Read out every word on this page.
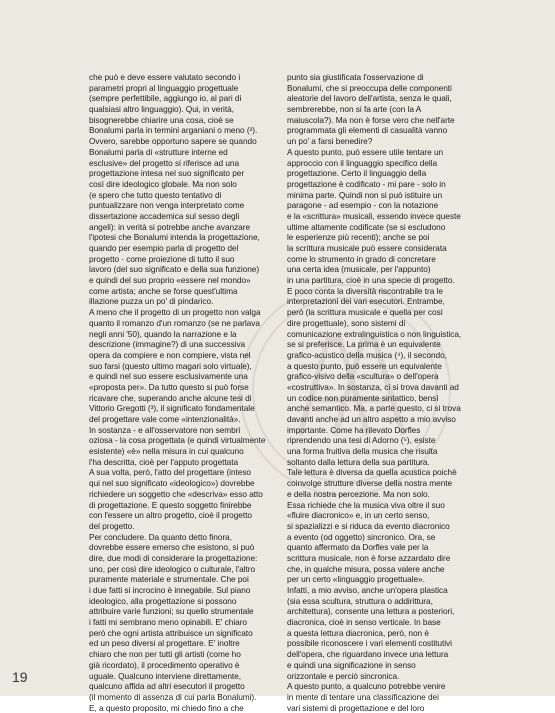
che può e deve essere valutato secondo i
parametri propri al linguaggio progettuale
(sempre perfettibile, aggiungo io, al pari di
qualsiasi altro linguaggio). Qui, in verità,
bisognerebbe chiarire una cosa, cioè se
Bonalumi parla in termini arganiani o meno (²).
Ovvero, sarebbe opportuno sapere se quando
Bonalumi parla di «strutture interne ed
esclusive» del progetto si riferisce ad una
progettazione intesa nel suo significato per
così dire ideologico globale. Ma non solo
(e spero che tutto questo tentativo di
puntualizzare non venga interpretato come
dissertazione accademica sul sesso degli
angeli): in verità si potrebbe anche avanzare
l'ipotesi che Bonalumi intenda la progettazione,
quando per esempio parla di progetto del
progetto · come proiezione di tutto il suo
lavoro (del suo significato e della sua funzione)
e quindi del suo proprio «essere nel mondo»
come artista; anche se forse quest'ultima
illazione puzza un po' di pindarico.
A meno che il progetto di un progetto non valga
quanto il romanzo d'un romanzo (se ne parlava
negli anni '50), quando la narrazione e la
descrizione (immagine?) di una successiva
opera da compiere e non compiere, vista nel
suo farsi (questo ultimo magari solo virtuale),
e quindi nel suo essere esclusivamente una
«proposta per». Da tutto questo si può forse
ricavare che, superando anche alcune tesi di
Vittorio Gregotti (³), il significato fondamentale
del progettare vale come «intenzionalità».
In sostanza - e all'osservatore non sembri
oziosa - la cosa progettata (e quindi virtualmente
esistente) «è» nella misura in cui qualcuno
l'ha descritta, cioè per l'apputo progettata
A sua volta, però, l'atto del progettare (inteso
qui nel suo significato «ideologico») dovrebbe
richiedere un soggetto che «descriva» esso atto
di progettazione. E questo soggetto finirebbe
con l'essere un altro progetto, cioè il progetto
del progetto.
Per concludere. Da quanto detto finora,
dovrebbe essere emerso che esistono, si può
dire, due modi di considerare la progettazione:
uno, per così dire ideologico o culturale, l'altro
puramente materiale e strumentale. Che poi
i due fatti si incrocino è innegabile. Sul piano
ideologico, alla progettazione si possono
attribuire varie funzioni; su quello strumentale
i fatti mi sembrano meno opinabili. E' chiaro
però che ogni artista attribuisce un significato
ed un peso diversi al progettare. E' inoltre
chiaro che non per tutti gli artisti (come ho
già ricordato), il procedimento operativo è
uguale. Qualcuno interviene direttamente,
qualcuno affida ad altri esecutori il progetto
(il momento di assenza di cui parla Bonalumi).
E, a questo proposito, mi chiedo fino a che
punto sia giustificata l'osservazione di
Bonalumi, che si preoccupa delle componenti
aleatorie del lavoro dell'artista, senza le quali,
sembrerebbe, non si fa arte (con la A
maiuscola?). Ma non è forse vero che nell'arte
programmata gli elementi di casualità vanno
un po' a farsi benedire?
A questo punto, può essere utile tentare un
approccio con il linguaggio specifico della
progettazione. Certo il linguaggio della
progettazione è codificato - mi pare - solo in
minima parte. Quindi non si può istituire un
paragone - ad esempio - con la notazione
e la «scrittura» musicali, essendo invece queste
ultime altamente codificate (se si escludono
le esperienze più recenti); anche se poi
la scrittura musicale può essere considerata
come lo strumento in grado di concretare
una certa idea (musicale, per l'appunto)
in una partitura, cioè in una specie di progetto.
E poco conta la diversità riscontrabile tra le
interpretazioni dei vari esecutori. Entrambe,
però (la scrittura musicale e quella per così
dire progettuale), sono sistemi di
comunicazione extralinguistica o non linguistica,
se si preferisce. La prima è un equivalente
grafico-acustico della musica (⁴), il secondo,
a questo punto, può essere un equivalente
grafico-visivo della «scultura» o dell'opera
«costruttiva». In sostanza, ci si trova davanti ad
un codice non puramente sintattico, bensì
anche semantico. Ma, a parte questo, ci si trova
davanti anche ad un altro aspetto a mio avviso
importante. Come ha rilevato Dorfles
riprendendo una tesi di Adorno (⁵), esiste
una forma fruitiva della musica che risulta
soltanto dalla lettura della sua partitura.
Tale lettura è diversa da quella acustica poichè
coinvolge strutture diverse della nostra mente
e della nostra percezione. Ma non solo.
Essa richiede che la musica viva oltre il suo
«fluire diacronico» e, in un certo senso,
si spazializzi e si riduca da evento diacronico
a evento (od oggetto) sincronico. Ora, se
quanto affermato da Dorfles vale per la
scrittura musicale, non è forse azzardato dire
che, in qualche misura, possa valere anche
per un certo «linguaggio progettuale».
Infatti, a mio avviso, anche un'opera plastica
(sia essa scultura, struttura o addirittura,
architettura), consente una lettura a posteriori,
diacronica, cioè in senso verticale. In base
a questa lettura diacronica, però, non è
possibile riconoscere i vari elementi costitutivi
dell'opera, che riguardano invece una lettura
e quindi una significazione in senso
orizzontale e perciò sincronica.
A questo punto, a qualcuno potrebbe venire
in mente di tentare una classificazione dei
vari sistemi di progettazione e del loro
19
